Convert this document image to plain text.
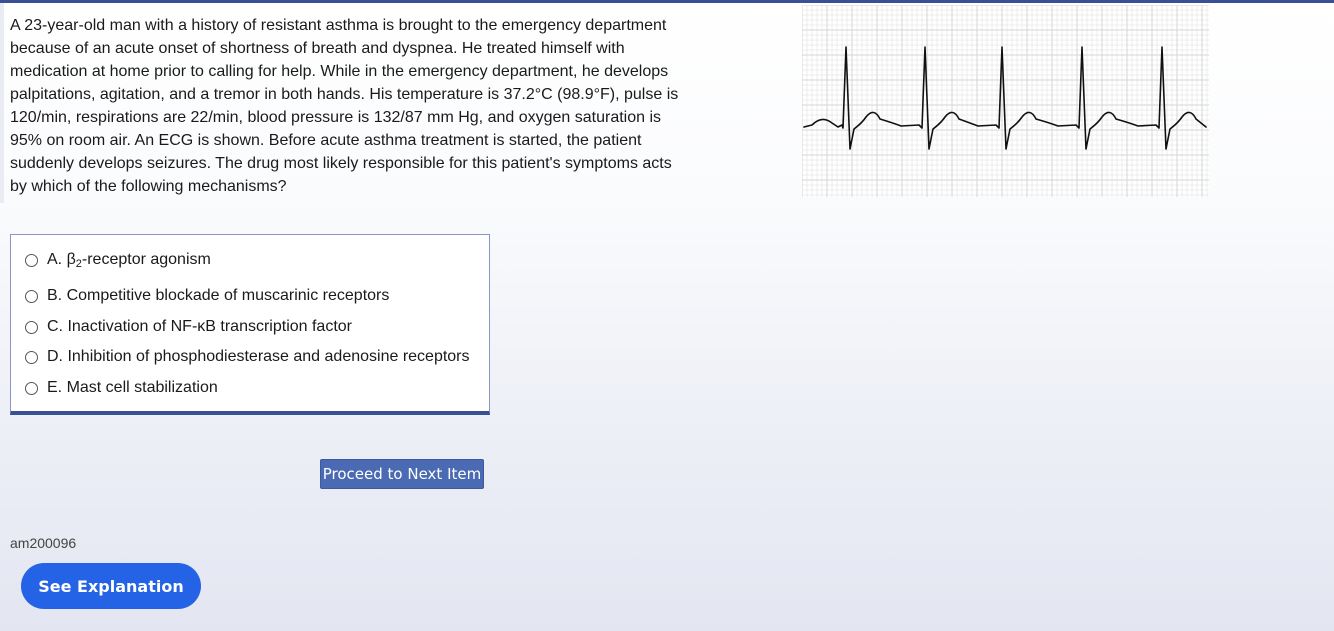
A 23-year-old man with a history of resistant asthma is brought to the emergency department because of an acute onset of shortness of breath and dyspnea. He treated himself with medication at home prior to calling for help. While in the emergency department, he develops palpitations, agitation, and a tremor in both hands. His temperature is 37.2°C (98.9°F), pulse is 120/min, respirations are 22/min, blood pressure is 132/87 mm Hg, and oxygen saturation is 95% on room air. An ECG is shown. Before acute asthma treatment is started, the patient suddenly develops seizures. The drug most likely responsible for this patient's symptoms acts by which of the following mechanisms?

A. $\beta_2$-receptor agonism
B. Competitive blockade of muscarinic receptors
C. Inactivation of NF-κB transcription factor
D. Inhibition of phosphodiesterase and adenosine receptors
E. Mast cell stabilization
Proceed to Next Item
am200096
See Explanation
